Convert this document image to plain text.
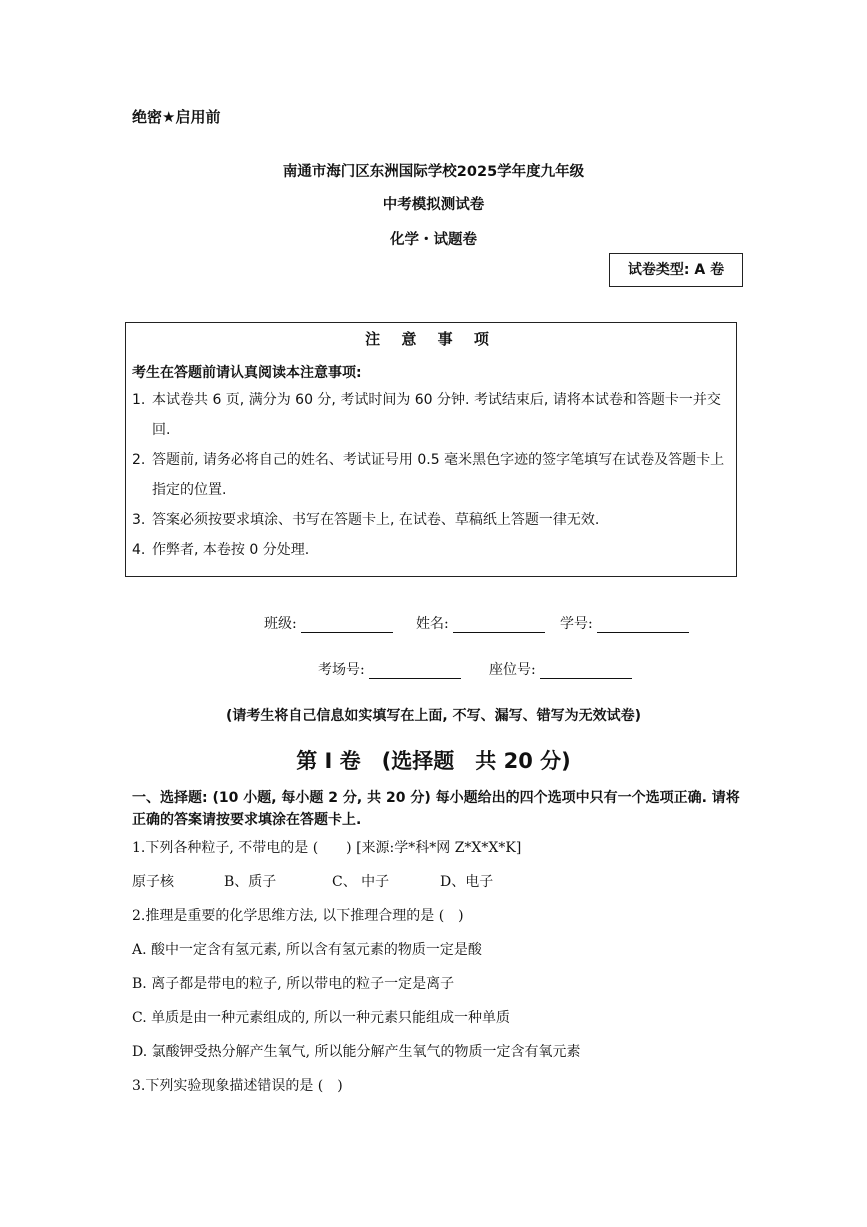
绝密★启用前
南通市海门区东洲国际学校2025学年度九年级
中考模拟测试卷
化学・试题卷
试卷类型: A 卷
注 意 事 项
考生在答题前请认真阅读本注意事项:
1. 本试卷共 6 页, 满分为 60 分, 考试时间为 60 分钟. 考试结束后, 请将本试卷和答题卡一并交回.
2. 答题前, 请务必将自己的姓名、考试证号用 0.5 毫米黑色字迹的签字笔填写在试卷及答题卡上指定的位置.
3. 答案必须按要求填涂、书写在答题卡上, 在试卷、草稿纸上答题一律无效.
4. 作弊者, 本卷按 0 分处理.
班级:	姓名:	学号:
考场号:	座位号:
(请考生将自己信息如实填写在上面, 不写、漏写、错写为无效试卷)
第 I 卷　(选择题　共 20 分)
一、选择题: (10 小题, 每小题 2 分, 共 20 分) 每小题给出的四个选项中只有一个选项正确. 请将正确的答案请按要求填涂在答题卡上.
1.下列各种粒子, 不带电的是 (　　) [来源:学*科*网 Z*X*X*K]
原子核	B、质子	C、 中子	D、电子
2.推理是重要的化学思维方法, 以下推理合理的是 (　)
A. 酸中一定含有氢元素, 所以含有氢元素的物质一定是酸
B. 离子都是带电的粒子, 所以带电的粒子一定是离子
C. 单质是由一种元素组成的, 所以一种元素只能组成一种单质
D. 氯酸钾受热分解产生氧气, 所以能分解产生氧气的物质一定含有氧元素
3.下列实验现象描述错误的是 (　)
